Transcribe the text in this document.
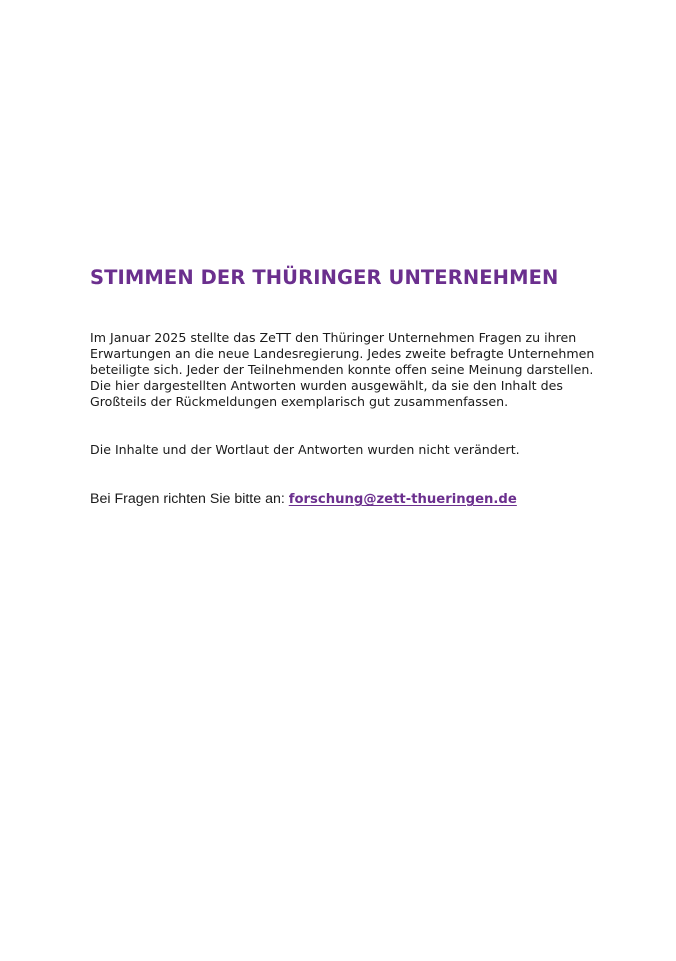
STIMMEN DER THÜRINGER UNTERNEHMEN

Im Januar 2025 stellte das ZeTT den Thüringer Unternehmen Fragen zu ihren Erwartungen an die neue Landesregierung. Jedes zweite befragte Unternehmen beteiligte sich. Jeder der Teilnehmenden konnte offen seine Meinung darstellen. Die hier dargestellten Antworten wurden ausgewählt, da sie den Inhalt des Großteils der Rückmeldungen exemplarisch gut zusammenfassen.

Die Inhalte und der Wortlaut der Antworten wurden nicht verändert.

Bei Fragen richten Sie bitte an: forschung@zett-thueringen.de
